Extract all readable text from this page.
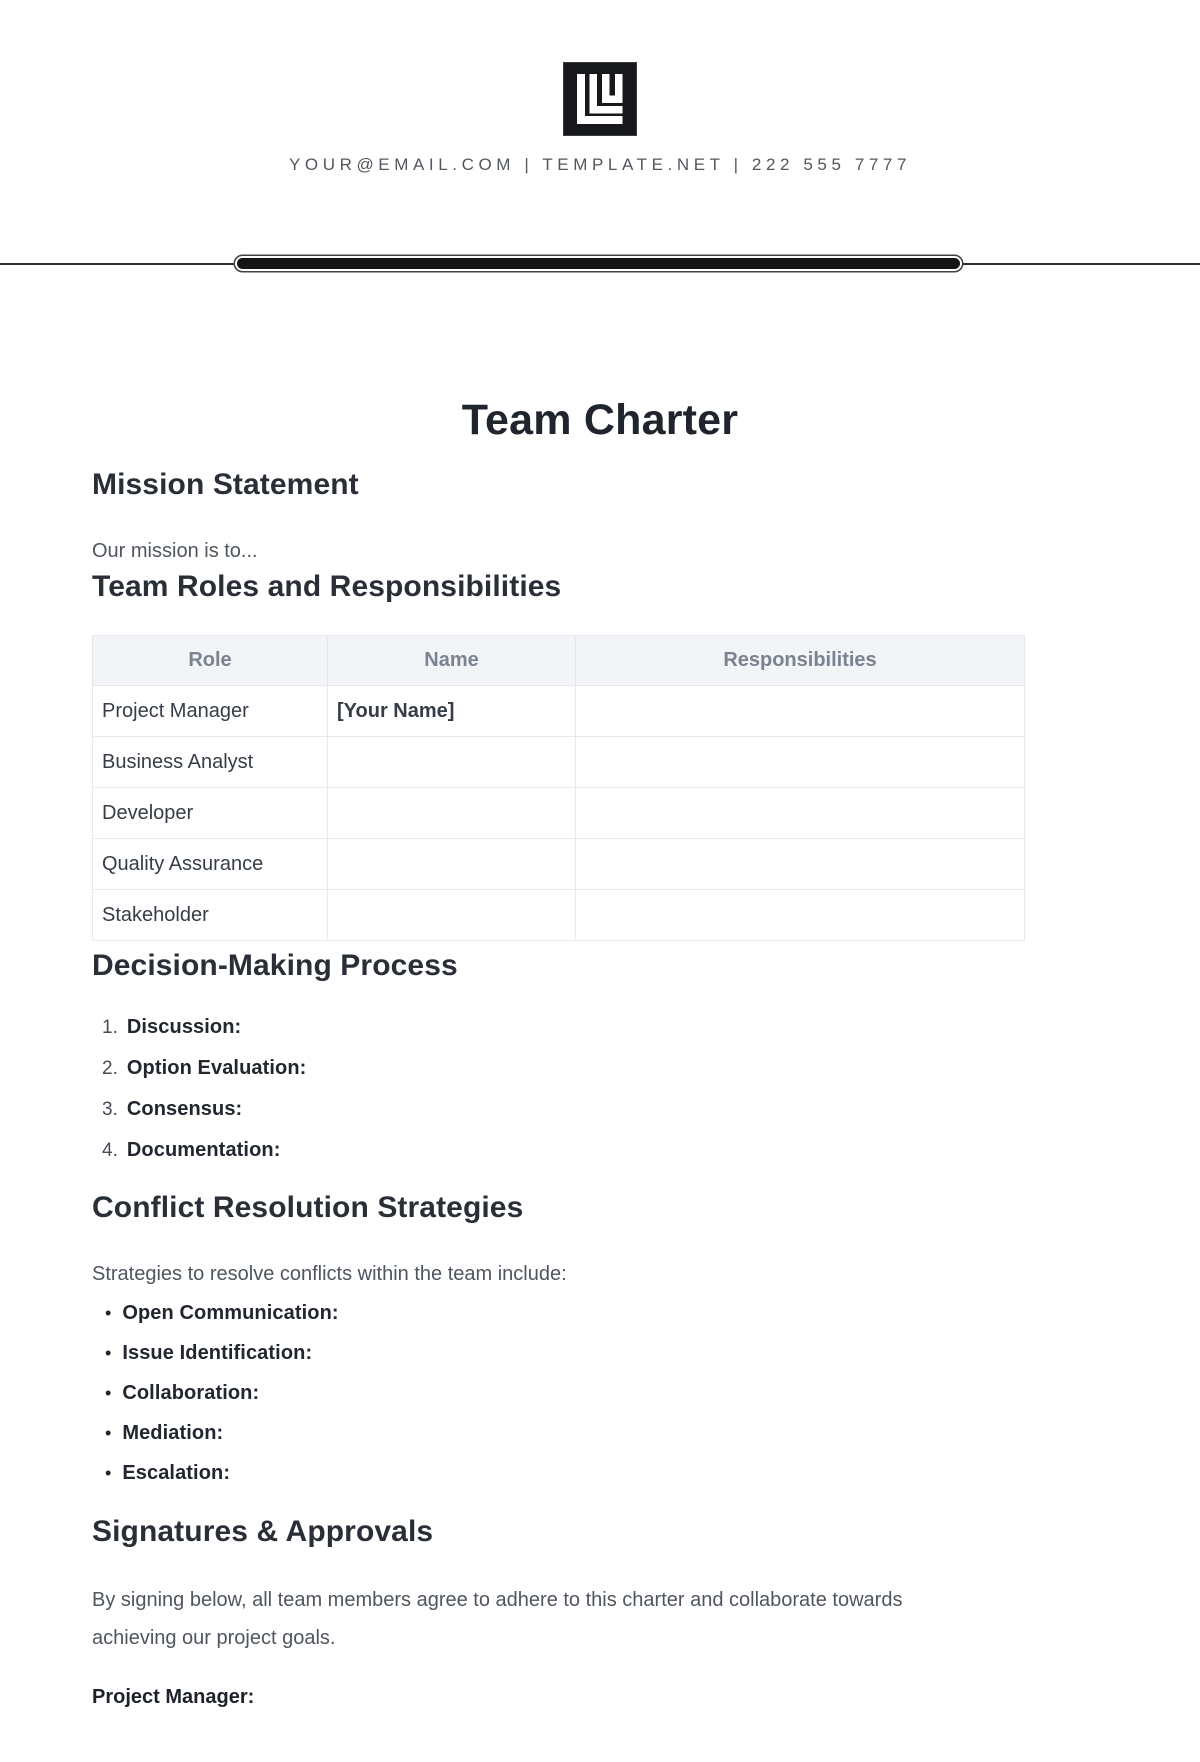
YOUR@EMAIL.COM | TEMPLATE.NET | 222 555 7777
Team Charter
Mission Statement

Our mission is to...

Team Roles and Responsibilities
Role	Name	Responsibilities
Project Manager	[Your Name]	
Business Analyst		
Developer		
Quality Assurance		
Stakeholder		
Decision-Making Process
1. Discussion:
2. Option Evaluation:
3. Consensus:
4. Documentation:
Conflict Resolution Strategies

Strategies to resolve conflicts within the team include:

• Open Communication:
• Issue Identification:
• Collaboration:
• Mediation:
• Escalation:
Signatures & Approvals

By signing below, all team members agree to adhere to this charter and collaborate towards
achieving our project goals.

Project Manager:
